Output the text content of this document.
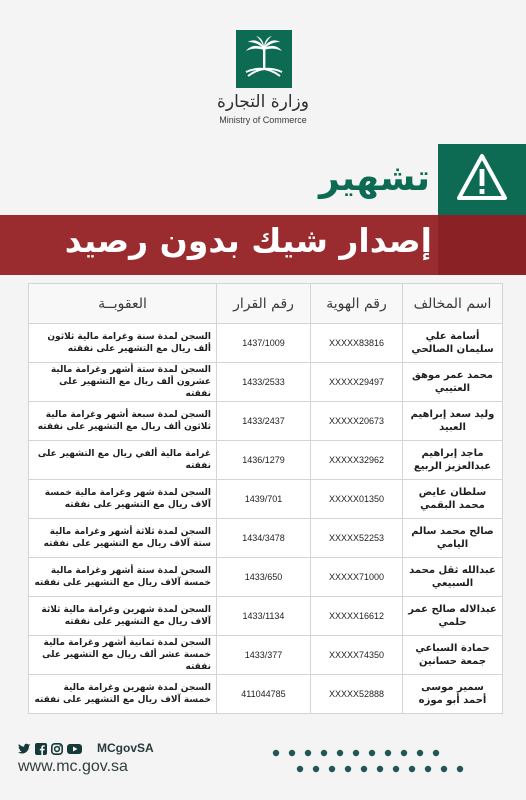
وزارة التجارة
Ministry of Commerce
تشهير
إصدار شيك بدون رصيد
اسم المخالف	رقم الهوية	رقم القرار	العقوبــة
أسامة علي سليمان الصالحي	XXXXX83816	1437/1009	السجن لمدة سنة وغرامة مالية ثلاثون ألف ريال مع التشهير على نفقته
محمد عمر موهق العتيبي	XXXXX29497	1433/2533	السجن لمدة ستة أشهر وغرامة مالية عشرون ألف ريال مع التشهير على نفقته
وليد سعد إبراهيم العبيد	XXXXX20673	1433/2437	السجن لمدة سبعة أشهر وغرامة مالية ثلاثون ألف ريال مع التشهير على نفقته
ماجد إبراهيم عبدالعزيز الربيع	XXXXX32962	1436/1279	غرامة مالية ألفي ريال مع التشهير على نفقته
سلطان عايض محمد البقمي	XXXXX01350	1439/701	السجن لمدة شهر وغرامة مالية خمسة آلاف ريال مع التشهير على نفقته
صالح محمد سالم اليامي	XXXXX52253	1434/3478	السجن لمدة ثلاثة أشهر وغرامة مالية ستة آلاف ريال مع التشهير على نفقته
عبدالله ثقل محمد السبيعي	XXXXX71000	1433/650	السجن لمدة ستة أشهر وغرامة مالية خمسة آلاف ريال مع التشهير على نفقته
عبدالاله صالح عمر حلمي	XXXXX16612	1433/1134	السجن لمدة شهرين وغرامة مالية ثلاثة آلاف ريال مع التشهير على نفقته
حمادة السباعي جمعة حسانين	XXXXX74350	1433/377	السجن لمدة ثمانية أشهر وغرامة مالية خمسة عشر ألف ريال مع التشهير على نفقته
سمير موسى أحمد أبو موزه	XXXXX52888	411044785	السجن لمدة شهرين وغرامة مالية خمسة آلاف ريال مع التشهير على نفقته
MCgovSA
www.mc.gov.sa
